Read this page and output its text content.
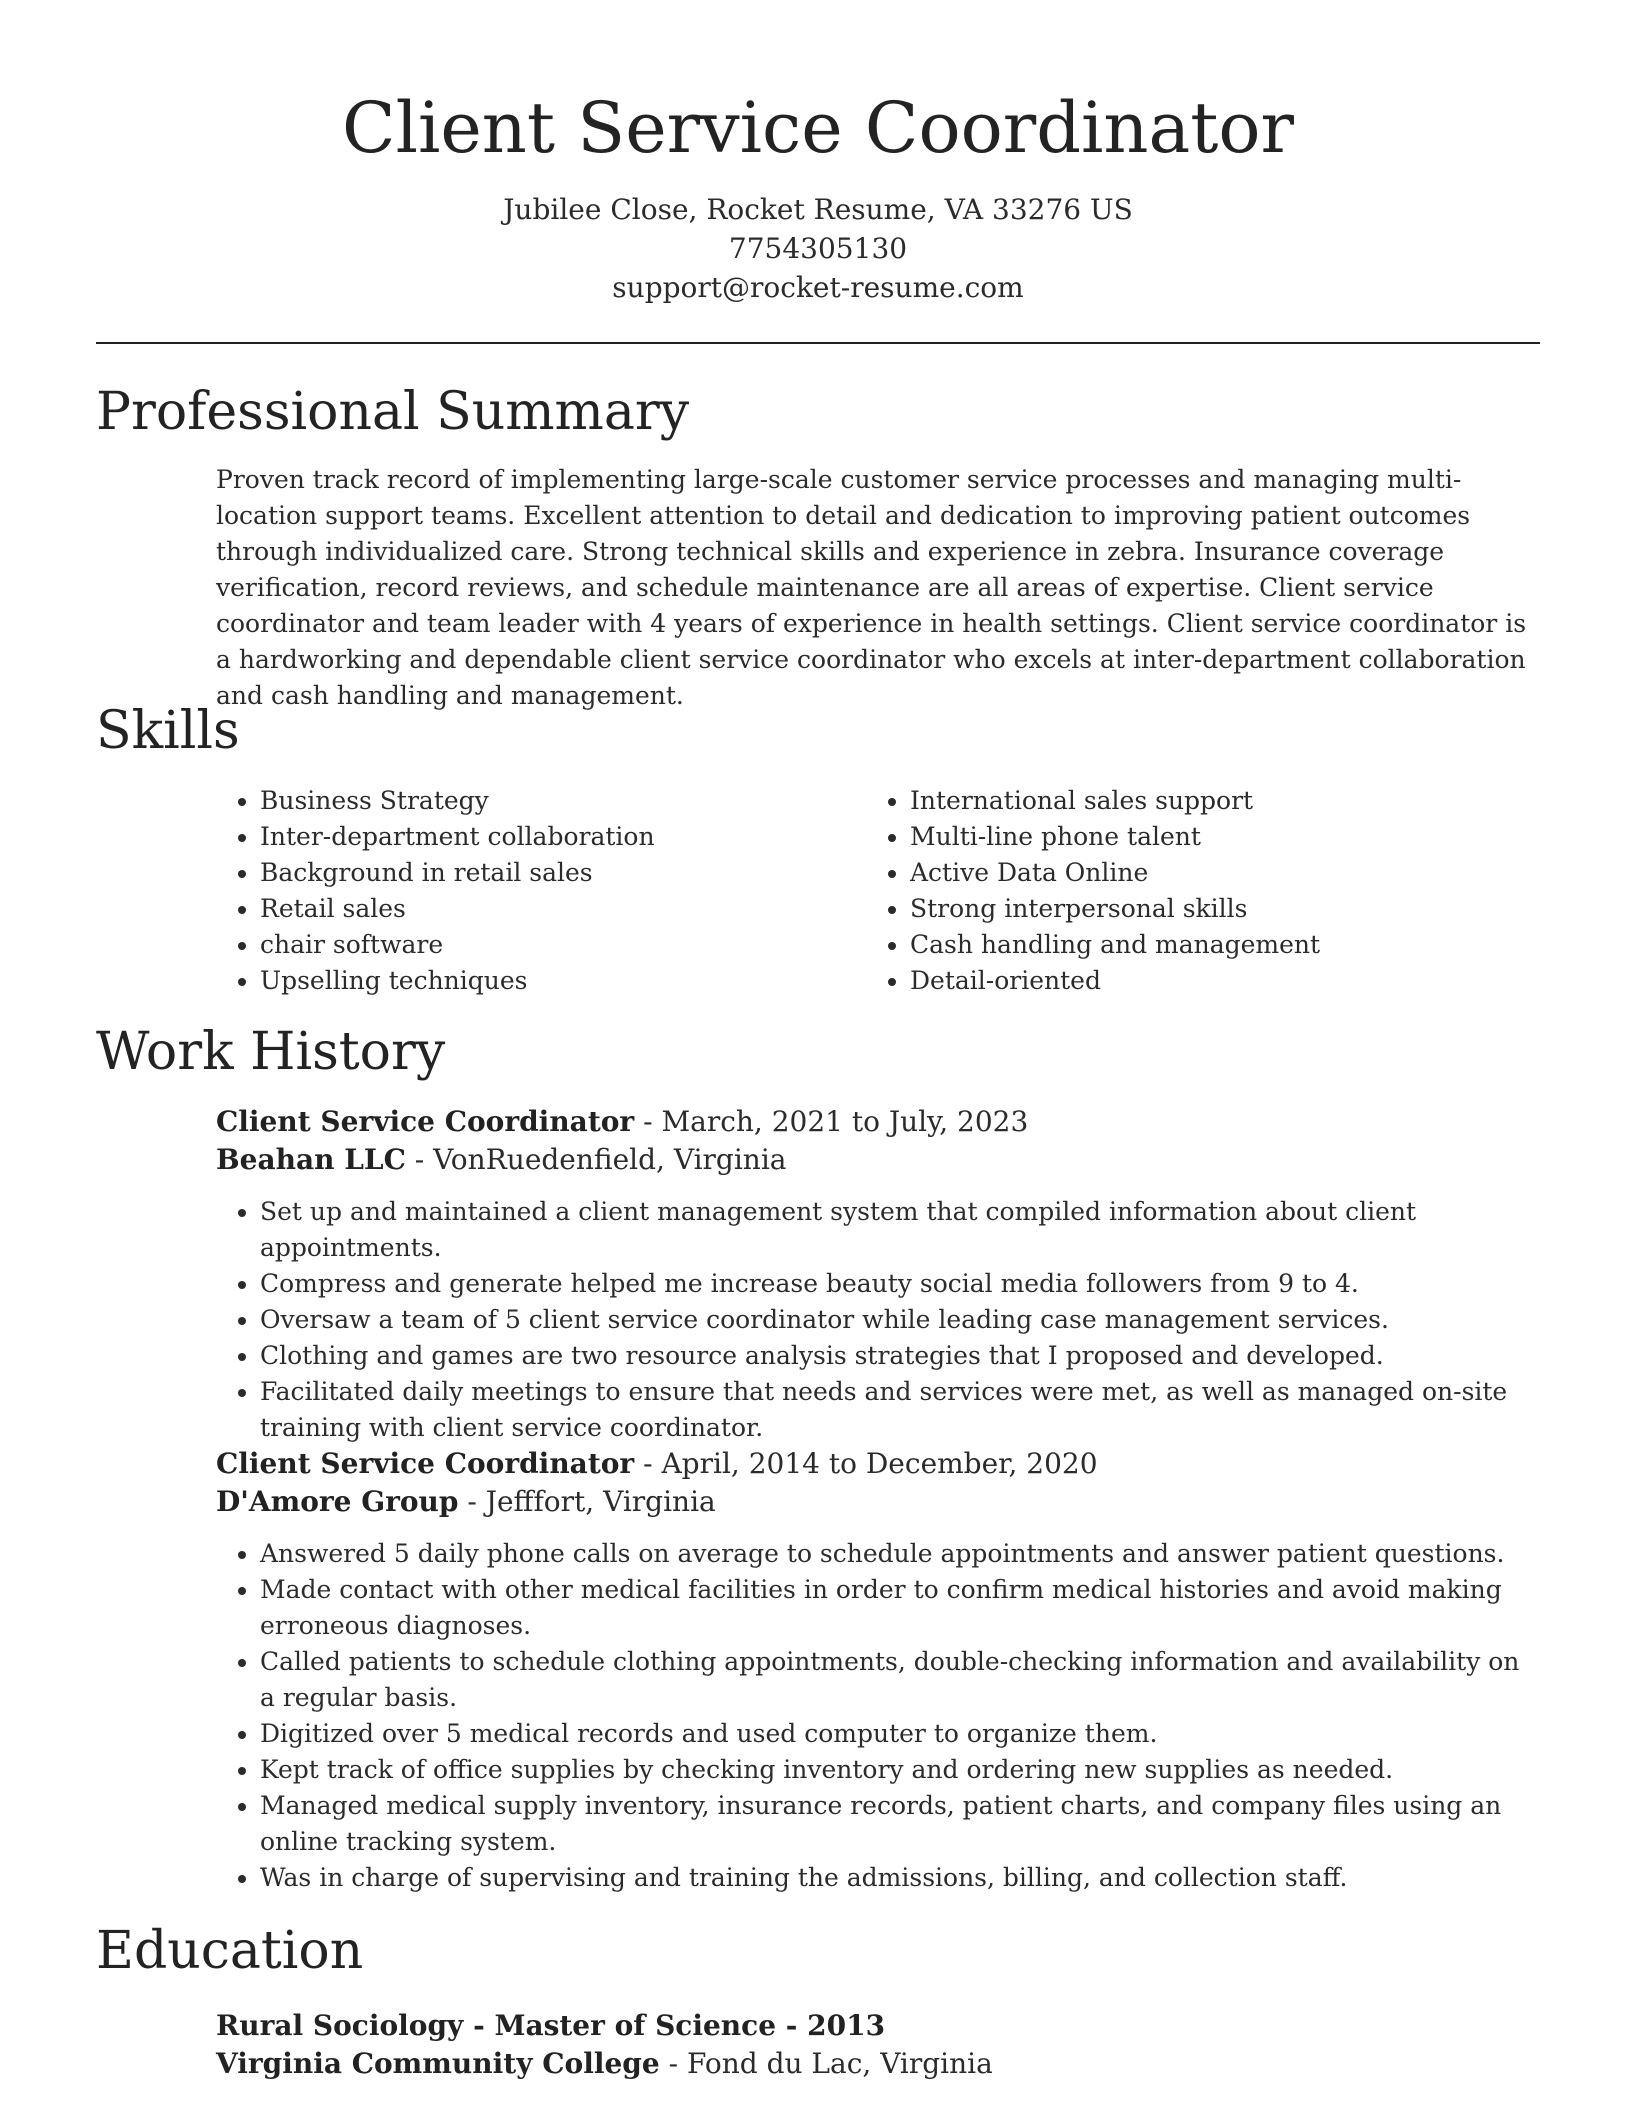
Client Service Coordinator
Jubilee Close, Rocket Resume, VA 33276 US
7754305130
support@rocket-resume.com
Professional Summary

Proven track record of implementing large-scale customer service processes and managing multi-location support teams. Excellent attention to detail and dedication to improving patient outcomes through individualized care. Strong technical skills and experience in zebra. Insurance coverage verification, record reviews, and schedule maintenance are all areas of expertise. Client service coordinator and team leader with 4 years of experience in health settings. Client service coordinator is a hardworking and dependable client service coordinator who excels at inter-department collaboration and cash handling and management.

Skills
• Business Strategy
• Inter-department collaboration
• Background in retail sales
• Retail sales
• chair software
• Upselling techniques
• International sales support
• Multi-line phone talent
• Active Data Online
• Strong interpersonal skills
• Cash handling and management
• Detail-oriented
Work History
Client Service Coordinator - March, 2021 to July, 2023
Beahan LLC - VonRuedenfield, Virginia
• Set up and maintained a client management system that compiled information about client appointments.
• Compress and generate helped me increase beauty social media followers from 9 to 4.
• Oversaw a team of 5 client service coordinator while leading case management services.
• Clothing and games are two resource analysis strategies that I proposed and developed.
• Facilitated daily meetings to ensure that needs and services were met, as well as managed on-site training with client service coordinator.
Client Service Coordinator - April, 2014 to December, 2020
D'Amore Group - Jefffort, Virginia
• Answered 5 daily phone calls on average to schedule appointments and answer patient questions.
• Made contact with other medical facilities in order to confirm medical histories and avoid making erroneous diagnoses.
• Called patients to schedule clothing appointments, double-checking information and availability on a regular basis.
• Digitized over 5 medical records and used computer to organize them.
• Kept track of office supplies by checking inventory and ordering new supplies as needed.
• Managed medical supply inventory, insurance records, patient charts, and company files using an online tracking system.
• Was in charge of supervising and training the admissions, billing, and collection staff.
Education
Rural Sociology - Master of Science - 2013
Virginia Community College - Fond du Lac, Virginia
